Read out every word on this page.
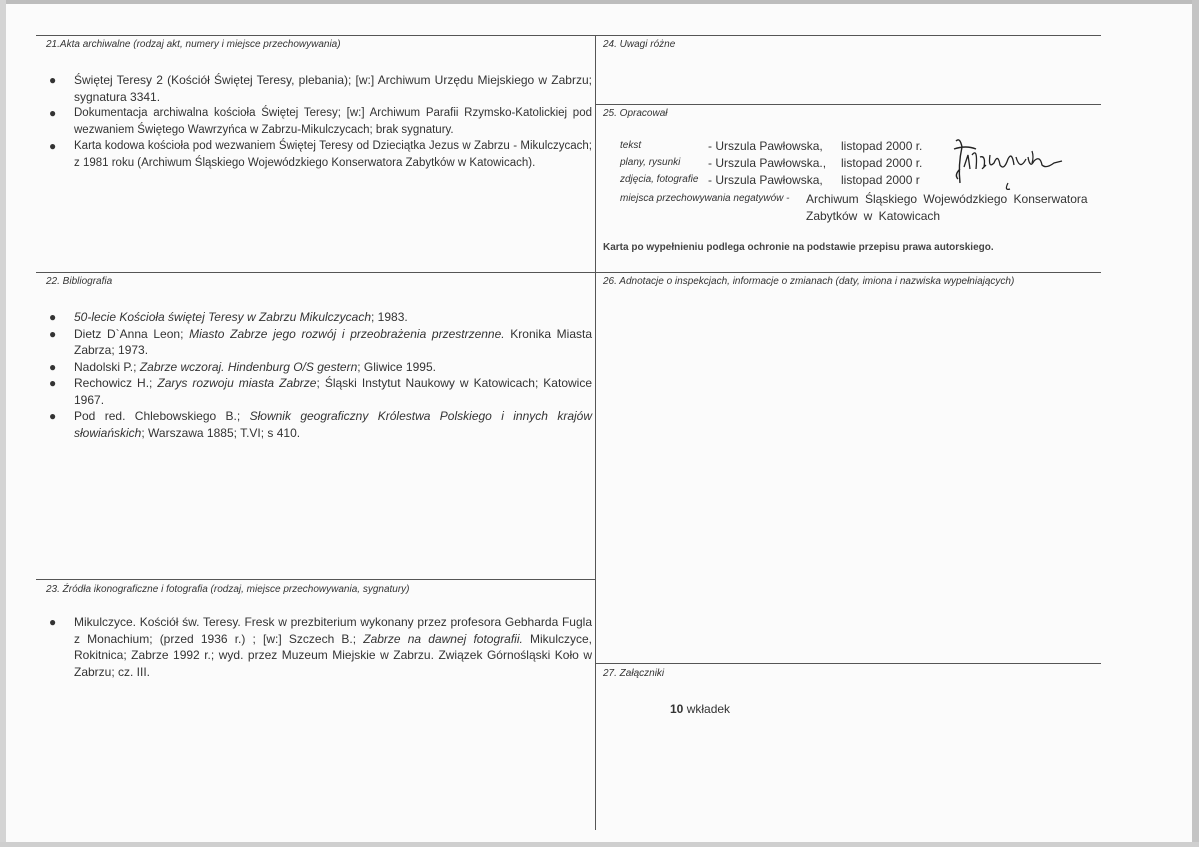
21.Akta archiwalne (rodzaj akt, numery i miejsce przechowywania)
● Świętej Teresy 2 (Kościół Świętej Teresy, plebania); [w:] Archiwum Urzędu Miejskiego w Zabrzu; sygnatura 3341.
● Dokumentacja archiwalna kościoła Świętej Teresy; [w:] Archiwum Parafii Rzymsko-Katolickiej pod wezwaniem Świętego Wawrzyńca w Zabrzu-Mikulczycach; brak sygnatury.
● Karta kodowa kościoła pod wezwaniem Świętej Teresy od Dzieciątka Jezus w Zabrzu - Mikulczycach; z 1981 roku (Archiwum Śląskiego Wojewódzkiego Konserwatora Zabytków w Katowicach).
22. Bibliografia
● 50-lecie Kościoła świętej Teresy w Zabrzu Mikulczycach; 1983.
● Dietz D`Anna Leon; Miasto Zabrze jego rozwój i przeobrażenia przestrzenne. Kronika Miasta Zabrza; 1973.
● Nadolski P.; Zabrze wczoraj. Hindenburg O/S gestern; Gliwice 1995.
● Rechowicz H.; Zarys rozwoju miasta Zabrze; Śląski Instytut Naukowy w Katowicach; Katowice 1967.
● Pod red. Chlebowskiego B.; Słownik geograficzny Królestwa Polskiego i innych krajów słowiańskich; Warszawa 1885; T.VI; s 410.
23. Źródła ikonograficzne i fotografia (rodzaj, miejsce przechowywania, sygnatury)
● Mikulczyce. Kościół św. Teresy. Fresk w prezbiterium wykonany przez profesora Gebharda Fugla z Monachium; (przed 1936 r.) ; [w:] Szczech B.; Zabrze na dawnej fotografii. Mikulczyce, Rokitnica; Zabrze 1992 r.; wyd. przez Muzeum Miejskie w Zabrzu. Związek Górnośląski Koło w Zabrzu; cz. III.
24. Uwagi różne
25. Opracował
tekst	- Urszula Pawłowska, listopad 2000 r.
plany, rysunki - Urszula Pawłowska., listopad 2000 r.
zdjęcia, fotografie - Urszula Pawłowska, listopad 2000 r
miejsca przechowywania negatywów - Archiwum Śląskiego Wojewódzkiego Konserwatora
Zabytków w Katowicach
Karta po wypełnieniu podlega ochronie na podstawie przepisu prawa autorskiego.
26. Adnotacje o inspekcjach, informacje o zmianach (daty, imiona i nazwiska wypełniających)
27. Załączniki
10 wkładek
